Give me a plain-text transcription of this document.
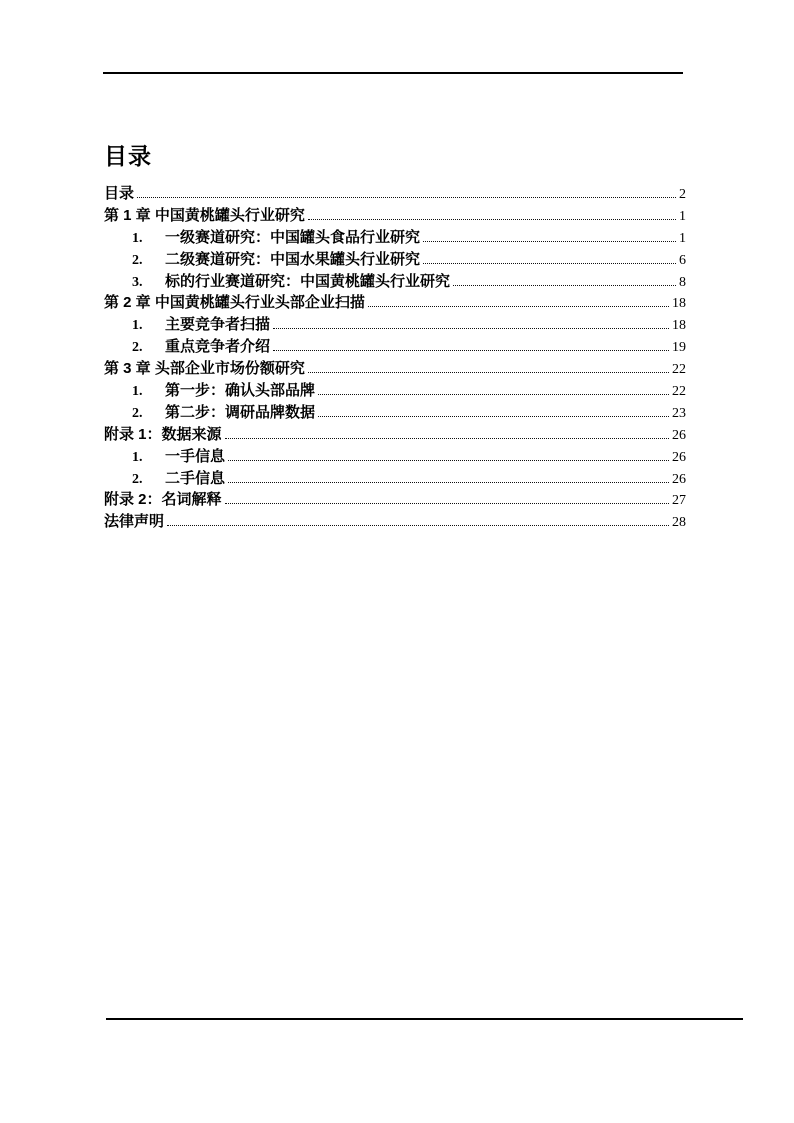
目录
目录	2
第 1 章 中国黄桃罐头行业研究	1
1.	一级赛道研究：中国罐头食品行业研究	1
2.	二级赛道研究：中国水果罐头行业研究	6
3.	标的行业赛道研究：中国黄桃罐头行业研究	8
第 2 章 中国黄桃罐头行业头部企业扫描	18
1.	主要竞争者扫描	18
2.	重点竞争者介绍	19
第 3 章 头部企业市场份额研究	22
1.	第一步：确认头部品牌	22
2.	第二步：调研品牌数据	23
附录 1：数据来源	26
1.	一手信息	26
2.	二手信息	26
附录 2：名词解释	27
法律声明	28
